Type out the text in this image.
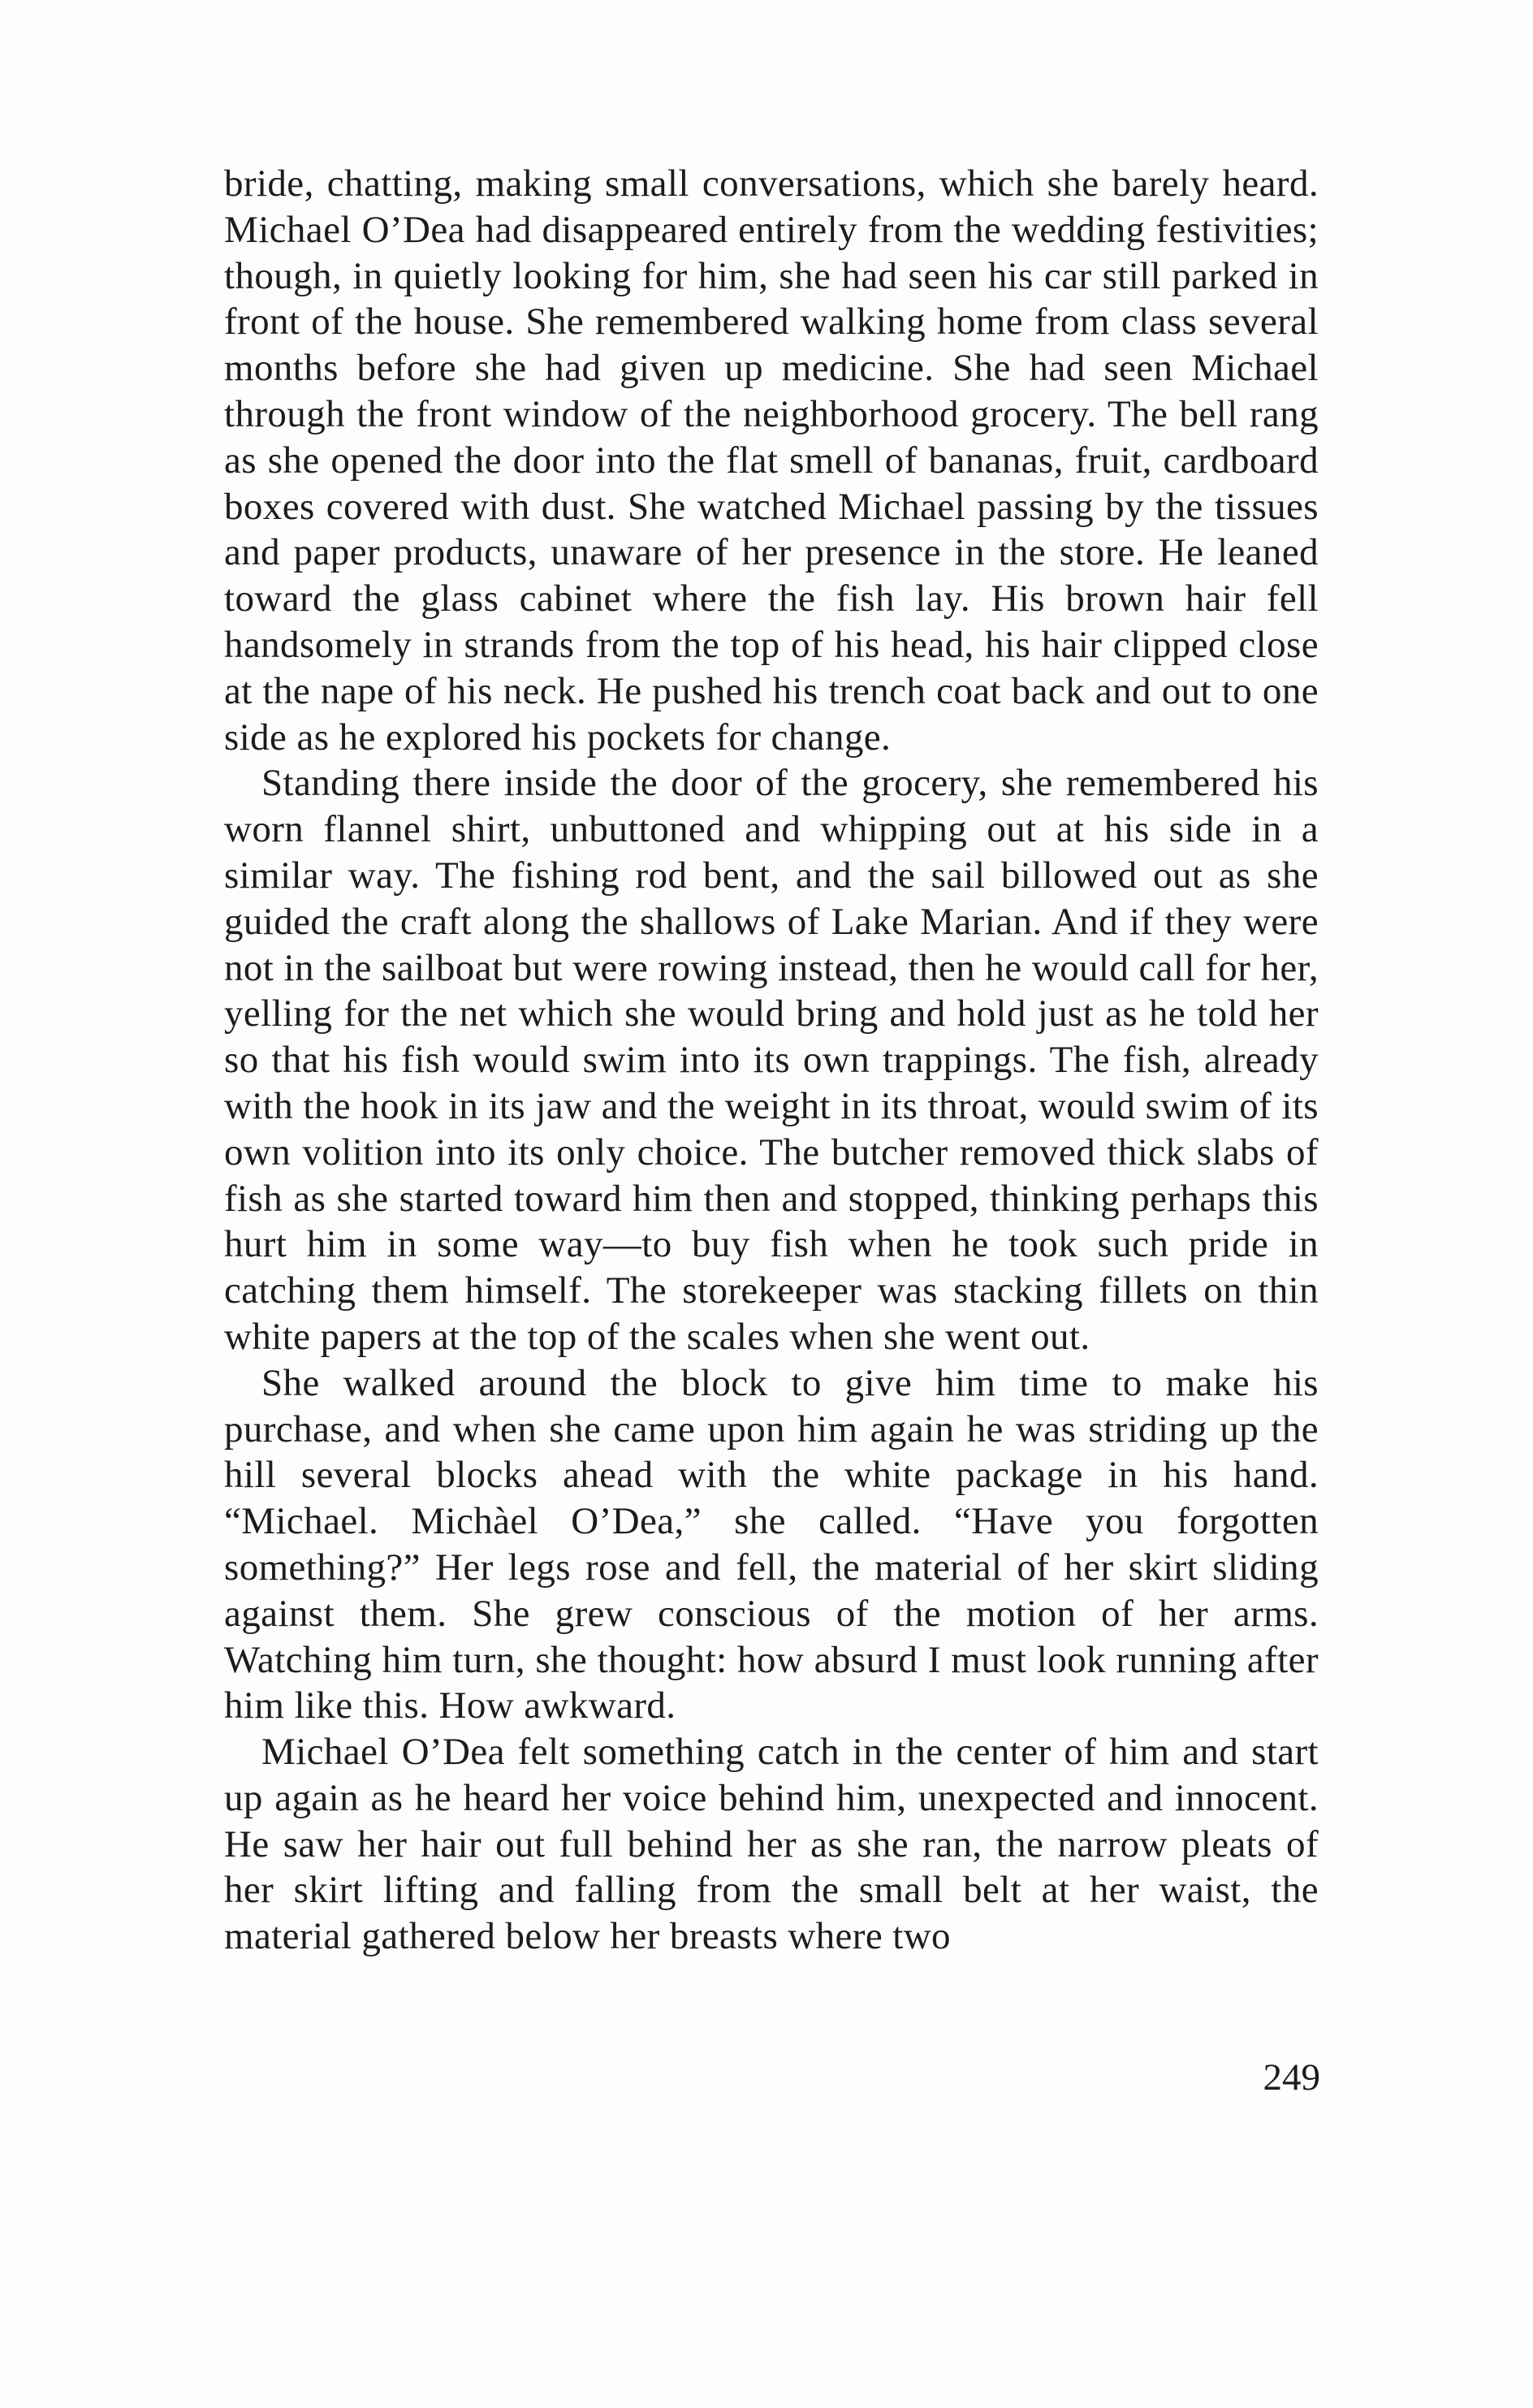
bride, chatting, making small conversations, which she barely heard. Michael O’Dea had disappeared entirely from the wedding festivities; though, in quietly looking for him, she had seen his car still parked in front of the house. She remembered walking home from class several months before she had given up medicine. She had seen Michael through the front window of the neighborhood grocery. The bell rang as she opened the door into the flat smell of bananas, fruit, cardboard boxes covered with dust. She watched Michael passing by the tissues and paper products, unaware of her presence in the store. He leaned toward the glass cabinet where the fish lay. His brown hair fell handsomely in strands from the top of his head, his hair clipped close at the nape of his neck. He pushed his trench coat back and out to one side as he explored his pockets for change.

Standing there inside the door of the grocery, she remembered his worn flannel shirt, unbuttoned and whipping out at his side in a similar way. The fishing rod bent, and the sail billowed out as she guided the craft along the shallows of Lake Marian. And if they were not in the sailboat but were rowing instead, then he would call for her, yelling for the net which she would bring and hold just as he told her so that his fish would swim into its own trappings. The fish, already with the hook in its jaw and the weight in its throat, would swim of its own volition into its only choice. The butcher removed thick slabs of fish as she started toward him then and stopped, thinking perhaps this hurt him in some way—to buy fish when he took such pride in catching them himself. The storekeeper was stacking fillets on thin white papers at the top of the scales when she went out.

She walked around the block to give him time to make his purchase, and when she came upon him again he was striding up the hill several blocks ahead with the white package in his hand. “Michael. Michàel O’Dea,” she called. “Have you forgotten something?” Her legs rose and fell, the material of her skirt sliding against them. She grew conscious of the motion of her arms. Watching him turn, she thought: how absurd I must look running after him like this. How awkward.

Michael O’Dea felt something catch in the center of him and start up again as he heard her voice behind him, unexpected and innocent. He saw her hair out full behind her as she ran, the narrow pleats of her skirt lifting and falling from the small belt at her waist, the material gathered below her breasts where two

249
